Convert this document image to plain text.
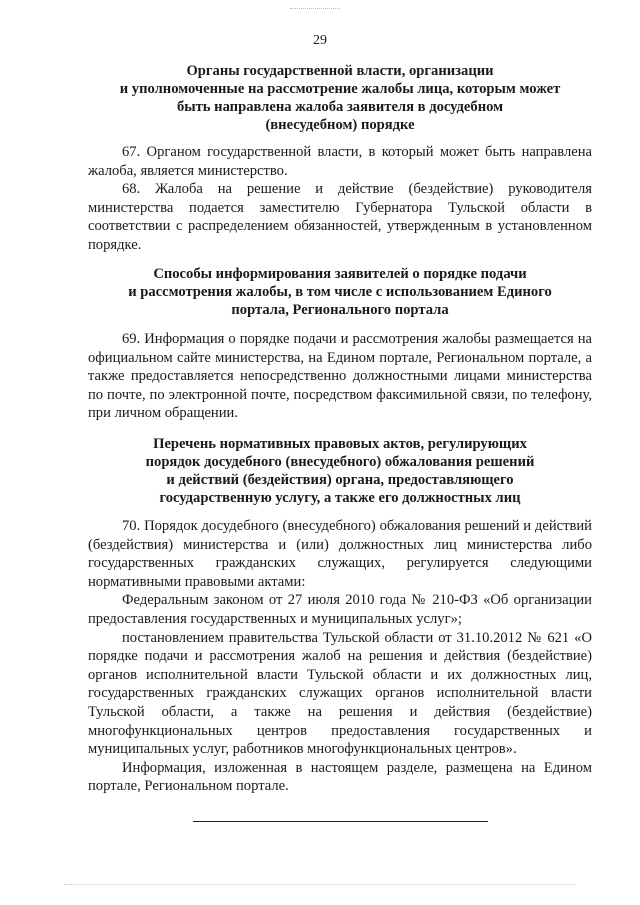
29
Органы государственной власти, организации
и уполномоченные на рассмотрение жалобы лица, которым может
быть направлена жалоба заявителя в досудебном
(внесудебном) порядке

67. Органом государственной власти, в который может быть направлена жалоба, является министерство.

68. Жалоба на решение и действие (бездействие) руководителя министерства подается заместителю Губернатора Тульской области в соответствии с распределением обязанностей, утвержденным в установленном порядке.

Способы информирования заявителей о порядке подачи
и рассмотрения жалобы, в том числе с использованием Единого
портала, Регионального портала

69. Информация о порядке подачи и рассмотрения жалобы размещается на официальном сайте министерства, на Едином портале, Региональном портале, а также предоставляется непосредственно должностными лицами министерства по почте, по электронной почте, посредством факсимильной связи, по телефону, при личном обращении.

Перечень нормативных правовых актов, регулирующих
порядок досудебного (внесудебного) обжалования решений
и действий (бездействия) органа, предоставляющего
государственную услугу, а также его должностных лиц

70. Порядок досудебного (внесудебного) обжалования решений и действий (бездействия) министерства и (или) должностных лиц министерства либо государственных гражданских служащих, регулируется следующими нормативными правовыми актами:

Федеральным законом от 27 июля 2010 года № 210-ФЗ «Об организации предоставления государственных и муниципальных услуг»;

постановлением правительства Тульской области от 31.10.2012 № 621 «О порядке подачи и рассмотрения жалоб на решения и действия (бездействие) органов исполнительной власти Тульской области и их должностных лиц, государственных гражданских служащих органов исполнительной власти Тульской области, а также на решения и действия (бездействие) многофункциональных центров предоставления государственных и муниципальных услуг, работников многофункциональных центров».

Информация, изложенная в настоящем разделе, размещена на Едином портале, Региональном портале.
